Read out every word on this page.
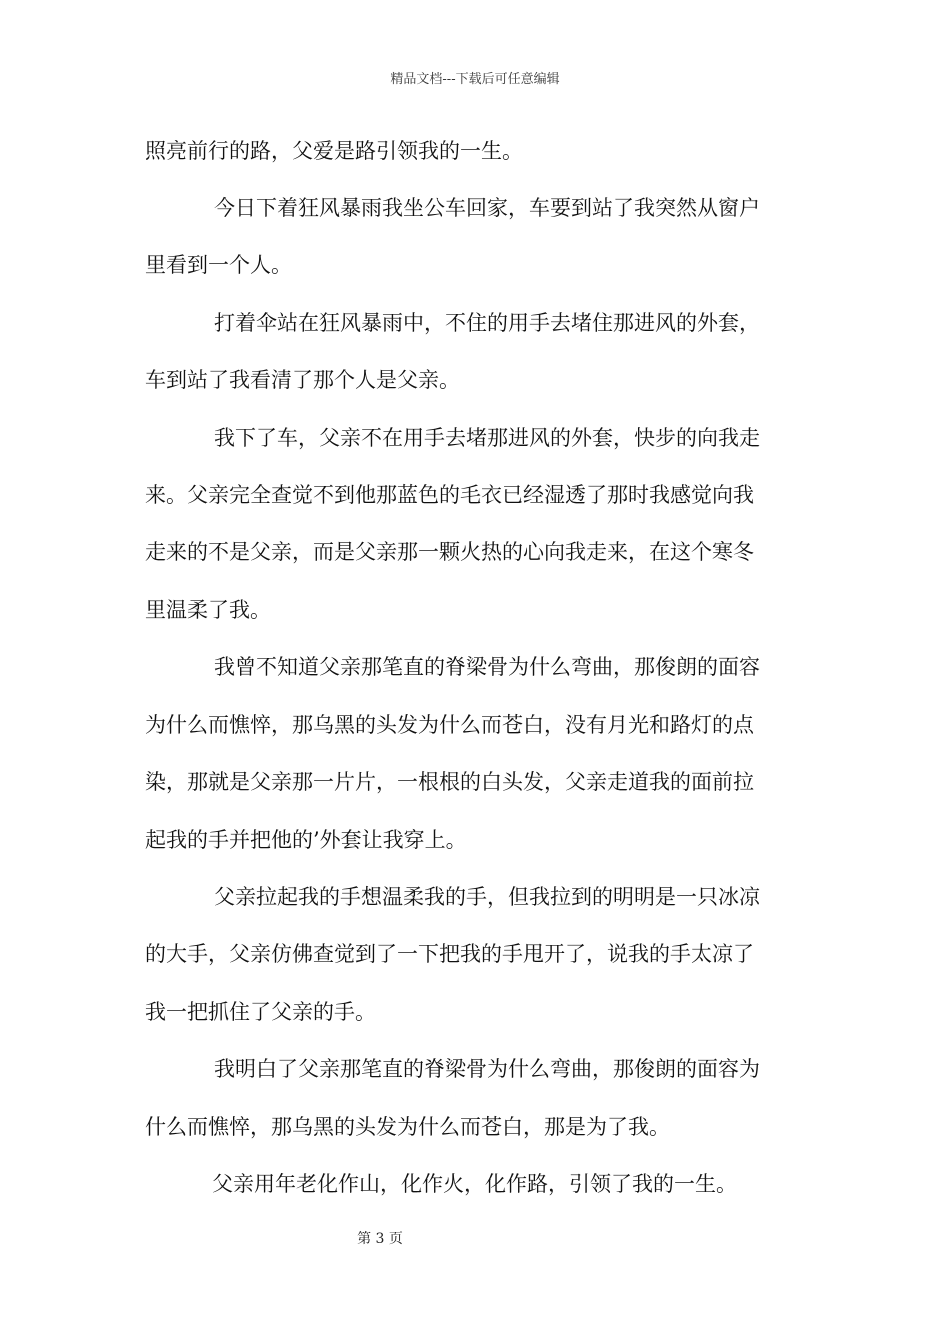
精品文档---下载后可任意编辑
照亮前行的路，父爱是路引领我的一生。
今日下着狂风暴雨我坐公车回家，车要到站了我突然从窗户
里看到一个人。
打着伞站在狂风暴雨中，不住的用手去堵住那进风的外套，
车到站了我看清了那个人是父亲。
我下了车，父亲不在用手去堵那进风的外套，快步的向我走
来。父亲完全查觉不到他那蓝色的毛衣已经湿透了那时我感觉向我
走来的不是父亲，而是父亲那一颗火热的心向我走来，在这个寒冬
里温柔了我。
我曾不知道父亲那笔直的脊梁骨为什么弯曲，那俊朗的面容
为什么而憔悴，那乌黑的头发为什么而苍白，没有月光和路灯的点
染，那就是父亲那一片片，一根根的白头发，父亲走道我的面前拉
起我的手并把他的’外套让我穿上。
父亲拉起我的手想温柔我的手，但我拉到的明明是一只冰凉
的大手，父亲仿佛查觉到了一下把我的手甩开了，说我的手太凉了
我一把抓住了父亲的手。
我明白了父亲那笔直的脊梁骨为什么弯曲，那俊朗的面容为
什么而憔悴，那乌黑的头发为什么而苍白，那是为了我。
父亲用年老化作山，化作火，化作路，引领了我的一生。
第 3 页
